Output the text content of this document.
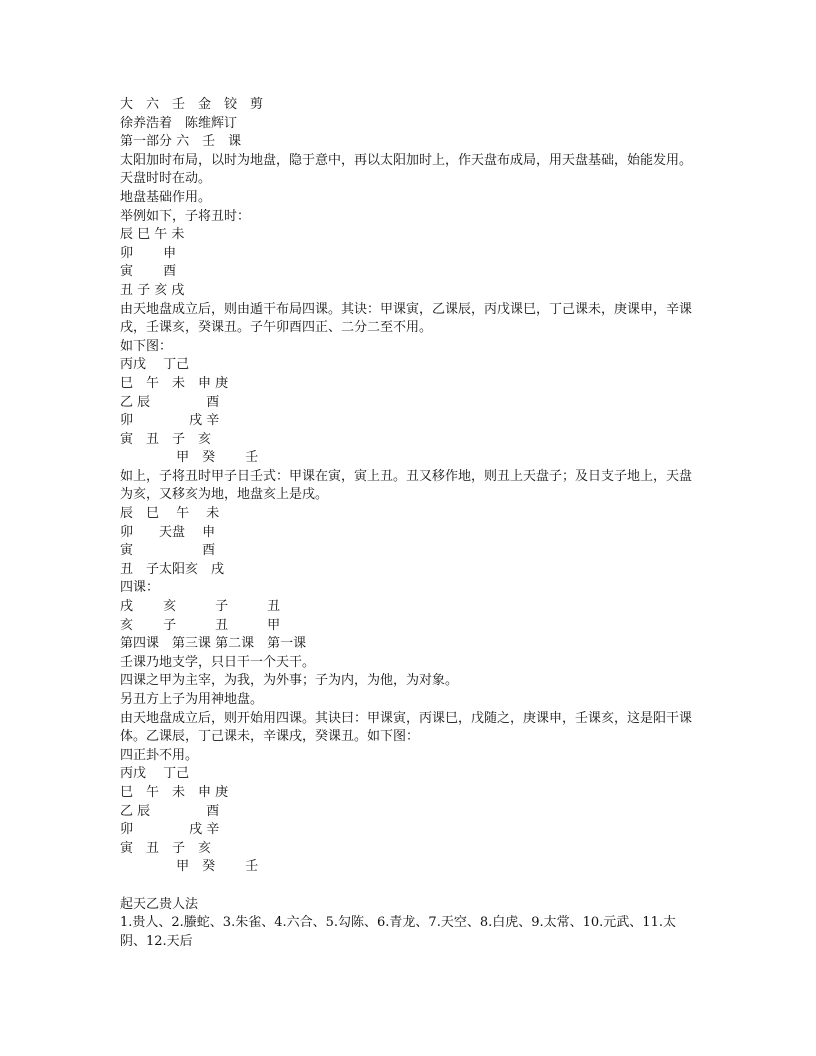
大　六　壬　金　铰　剪

徐养浩着　陈维辉订

第一部分 六　壬　课

太阳加时布局，以时为地盘，隐于意中，再以太阳加时上，作天盘布成局，用天盘基础，始能发用。

天盘时时在动。

地盘基础作用。

举例如下，子将丑时：

辰 巳 午 未

卯　　 申

寅　　 酉

丑 子 亥 戌

由天地盘成立后，则由遁干布局四课。其诀：甲课寅，乙课辰，丙戊课巳，丁己课未，庚课申，辛课戌，壬课亥，癸课丑。子午卯酉四正、二分二至不用。

如下图：

丙戊　 丁己

巳　午　未　申 庚

乙 辰　　　　 酉

卯　　　　 戌 辛

寅　丑　子　亥

　　　　 甲　癸　　 壬

如上，子将丑时甲子日壬式：甲课在寅，寅上丑。丑又移作地，则丑上天盘子；及日支子地上，天盘为亥，又移亥为地，地盘亥上是戌。

辰　巳　 午　 未

卯　　天盘　 申

寅　　　　　 酉

丑　子太阳亥　戌

四课：

戌　　 亥　　　子　　　丑

亥　　 子　　　丑　　　甲

第四课　第三课 第二课　第一课

壬课乃地支学，只日干一个天干。

四课之甲为主宰，为我，为外事；子为内，为他，为对象。

另丑方上子为用神地盘。

由天地盘成立后，则开始用四课。其诀曰：甲课寅，丙课巳，戊随之，庚课申，壬课亥，这是阳干课体。乙课辰，丁己课未，辛课戌，癸课丑。如下图：

四正卦不用。

丙戊　 丁己

巳　午　未　申 庚

乙 辰　　　　 酉

卯　　　　 戌 辛

寅　丑　子　亥

　　　　 甲　癸　　 壬

起天乙贵人法

1.贵人、2.螣蛇、3.朱雀、4.六合、5.勾陈、6.青龙、7.天空、8.白虎、9.太常、10.元武、11.太阴、12.天后
